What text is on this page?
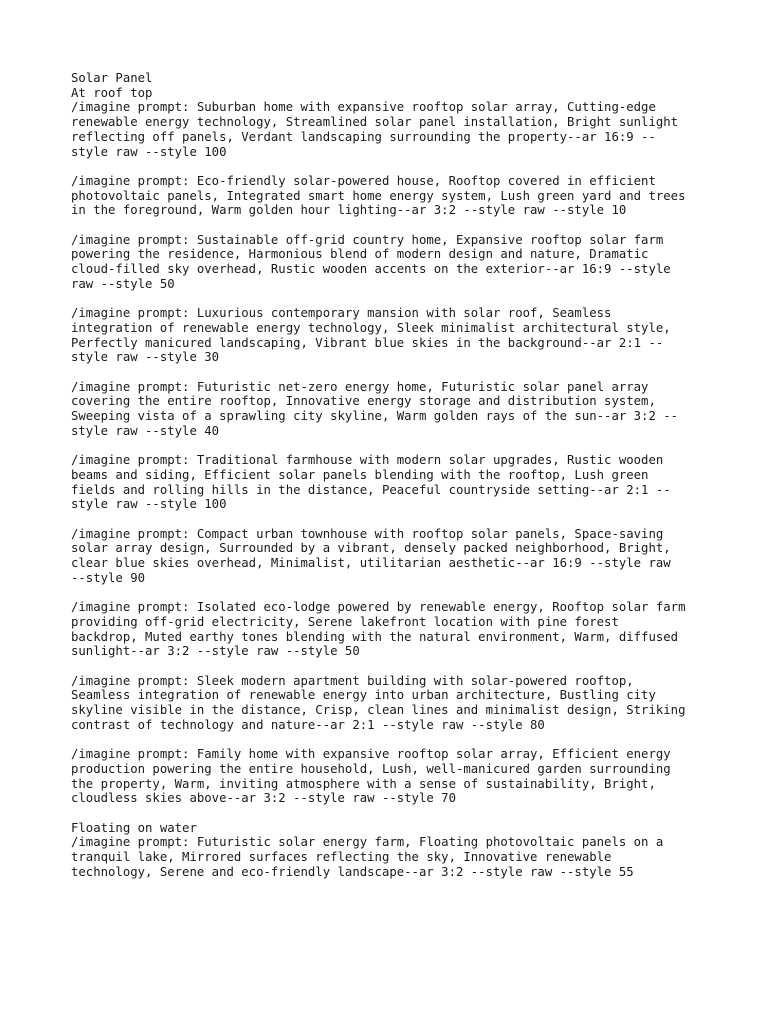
Solar Panel

At roof top

/imagine prompt: Suburban home with expansive rooftop solar array, Cutting-edge

renewable energy technology, Streamlined solar panel installation, Bright sunlight

reflecting off panels, Verdant landscaping surrounding the property--ar 16:9 --

style raw --style 100

/imagine prompt: Eco-friendly solar-powered house, Rooftop covered in efficient

photovoltaic panels, Integrated smart home energy system, Lush green yard and trees

in the foreground, Warm golden hour lighting--ar 3:2 --style raw --style 10

/imagine prompt: Sustainable off-grid country home, Expansive rooftop solar farm

powering the residence, Harmonious blend of modern design and nature, Dramatic

cloud-filled sky overhead, Rustic wooden accents on the exterior--ar 16:9 --style

raw --style 50

/imagine prompt: Luxurious contemporary mansion with solar roof, Seamless

integration of renewable energy technology, Sleek minimalist architectural style,

Perfectly manicured landscaping, Vibrant blue skies in the background--ar 2:1 --

style raw --style 30

/imagine prompt: Futuristic net-zero energy home, Futuristic solar panel array

covering the entire rooftop, Innovative energy storage and distribution system,

Sweeping vista of a sprawling city skyline, Warm golden rays of the sun--ar 3:2 --

style raw --style 40

/imagine prompt: Traditional farmhouse with modern solar upgrades, Rustic wooden

beams and siding, Efficient solar panels blending with the rooftop, Lush green

fields and rolling hills in the distance, Peaceful countryside setting--ar 2:1 --

style raw --style 100

/imagine prompt: Compact urban townhouse with rooftop solar panels, Space-saving

solar array design, Surrounded by a vibrant, densely packed neighborhood, Bright,

clear blue skies overhead, Minimalist, utilitarian aesthetic--ar 16:9 --style raw

--style 90

/imagine prompt: Isolated eco-lodge powered by renewable energy, Rooftop solar farm

providing off-grid electricity, Serene lakefront location with pine forest

backdrop, Muted earthy tones blending with the natural environment, Warm, diffused

sunlight--ar 3:2 --style raw --style 50

/imagine prompt: Sleek modern apartment building with solar-powered rooftop,

Seamless integration of renewable energy into urban architecture, Bustling city

skyline visible in the distance, Crisp, clean lines and minimalist design, Striking

contrast of technology and nature--ar 2:1 --style raw --style 80

/imagine prompt: Family home with expansive rooftop solar array, Efficient energy

production powering the entire household, Lush, well-manicured garden surrounding

the property, Warm, inviting atmosphere with a sense of sustainability, Bright,

cloudless skies above--ar 3:2 --style raw --style 70

Floating on water

/imagine prompt: Futuristic solar energy farm, Floating photovoltaic panels on a

tranquil lake, Mirrored surfaces reflecting the sky, Innovative renewable

technology, Serene and eco-friendly landscape--ar 3:2 --style raw --style 55
